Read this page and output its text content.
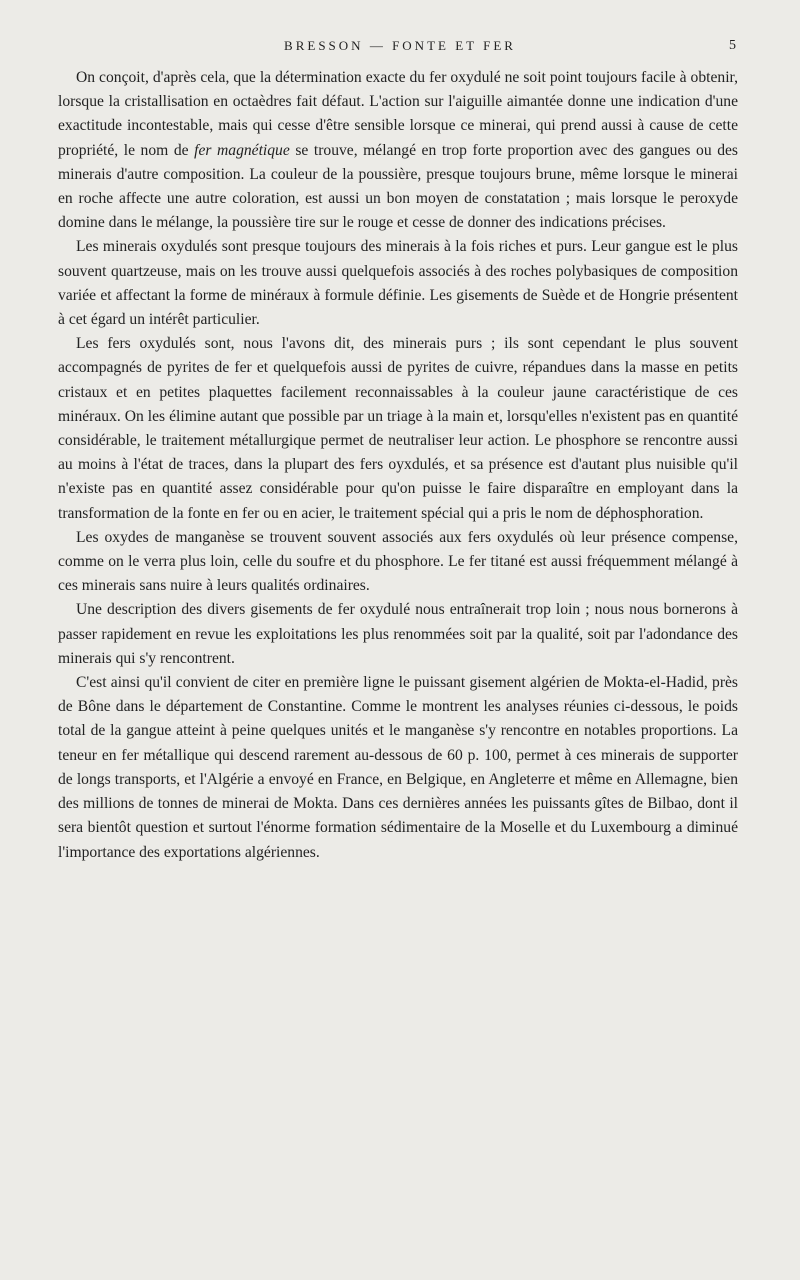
BRESSON — FONTE ET FER	5

On conçoit, d'après cela, que la détermination exacte du fer oxydulé ne soit point toujours facile à obtenir, lorsque la cristallisation en octaèdres fait défaut. L'action sur l'aiguille aimantée donne une indication d'une exactitude incontestable, mais qui cesse d'être sensible lorsque ce minerai, qui prend aussi à cause de cette propriété, le nom de fer magnétique se trouve, mélangé en trop forte proportion avec des gangues ou des minerais d'autre composition. La couleur de la poussière, presque toujours brune, même lorsque le minerai en roche affecte une autre coloration, est aussi un bon moyen de constatation ; mais lorsque le peroxyde domine dans le mélange, la poussière tire sur le rouge et cesse de donner des indications précises.

Les minerais oxydulés sont presque toujours des minerais à la fois riches et purs. Leur gangue est le plus souvent quartzeuse, mais on les trouve aussi quelquefois associés à des roches polybasiques de composition variée et affectant la forme de minéraux à formule définie. Les gisements de Suède et de Hongrie présentent à cet égard un intérêt particulier.

Les fers oxydulés sont, nous l'avons dit, des minerais purs ; ils sont cependant le plus souvent accompagnés de pyrites de fer et quelquefois aussi de pyrites de cuivre, répandues dans la masse en petits cristaux et en petites plaquettes facilement reconnaissables à la couleur jaune caractéristique de ces minéraux. On les élimine autant que possible par un triage à la main et, lorsqu'elles n'existent pas en quantité considérable, le traitement métallurgique permet de neutraliser leur action. Le phosphore se rencontre aussi au moins à l'état de traces, dans la plupart des fers oyxdulés, et sa présence est d'autant plus nuisible qu'il n'existe pas en quantité assez considérable pour qu'on puisse le faire disparaître en employant dans la transformation de la fonte en fer ou en acier, le traitement spécial qui a pris le nom de déphosphoration.

Les oxydes de manganèse se trouvent souvent associés aux fers oxydulés où leur présence compense, comme on le verra plus loin, celle du soufre et du phosphore. Le fer titané est aussi fréquemment mélangé à ces minerais sans nuire à leurs qualités ordinaires.

Une description des divers gisements de fer oxydulé nous entraînerait trop loin ; nous nous bornerons à passer rapidement en revue les exploitations les plus renommées soit par la qualité, soit par l'adondance des minerais qui s'y rencontrent.

C'est ainsi qu'il convient de citer en première ligne le puissant gisement algérien de Mokta-el-Hadid, près de Bône dans le département de Constantine. Comme le montrent les analyses réunies ci-dessous, le poids total de la gangue atteint à peine quelques unités et le manganèse s'y rencontre en notables proportions. La teneur en fer métallique qui descend rarement au-dessous de 60 p. 100, permet à ces minerais de supporter de longs transports, et l'Algérie a envoyé en France, en Belgique, en Angleterre et même en Allemagne, bien des millions de tonnes de minerai de Mokta. Dans ces dernières années les puissants gîtes de Bilbao, dont il sera bientôt question et surtout l'énorme formation sédimentaire de la Moselle et du Luxembourg a diminué l'importance des exportations algériennes.
